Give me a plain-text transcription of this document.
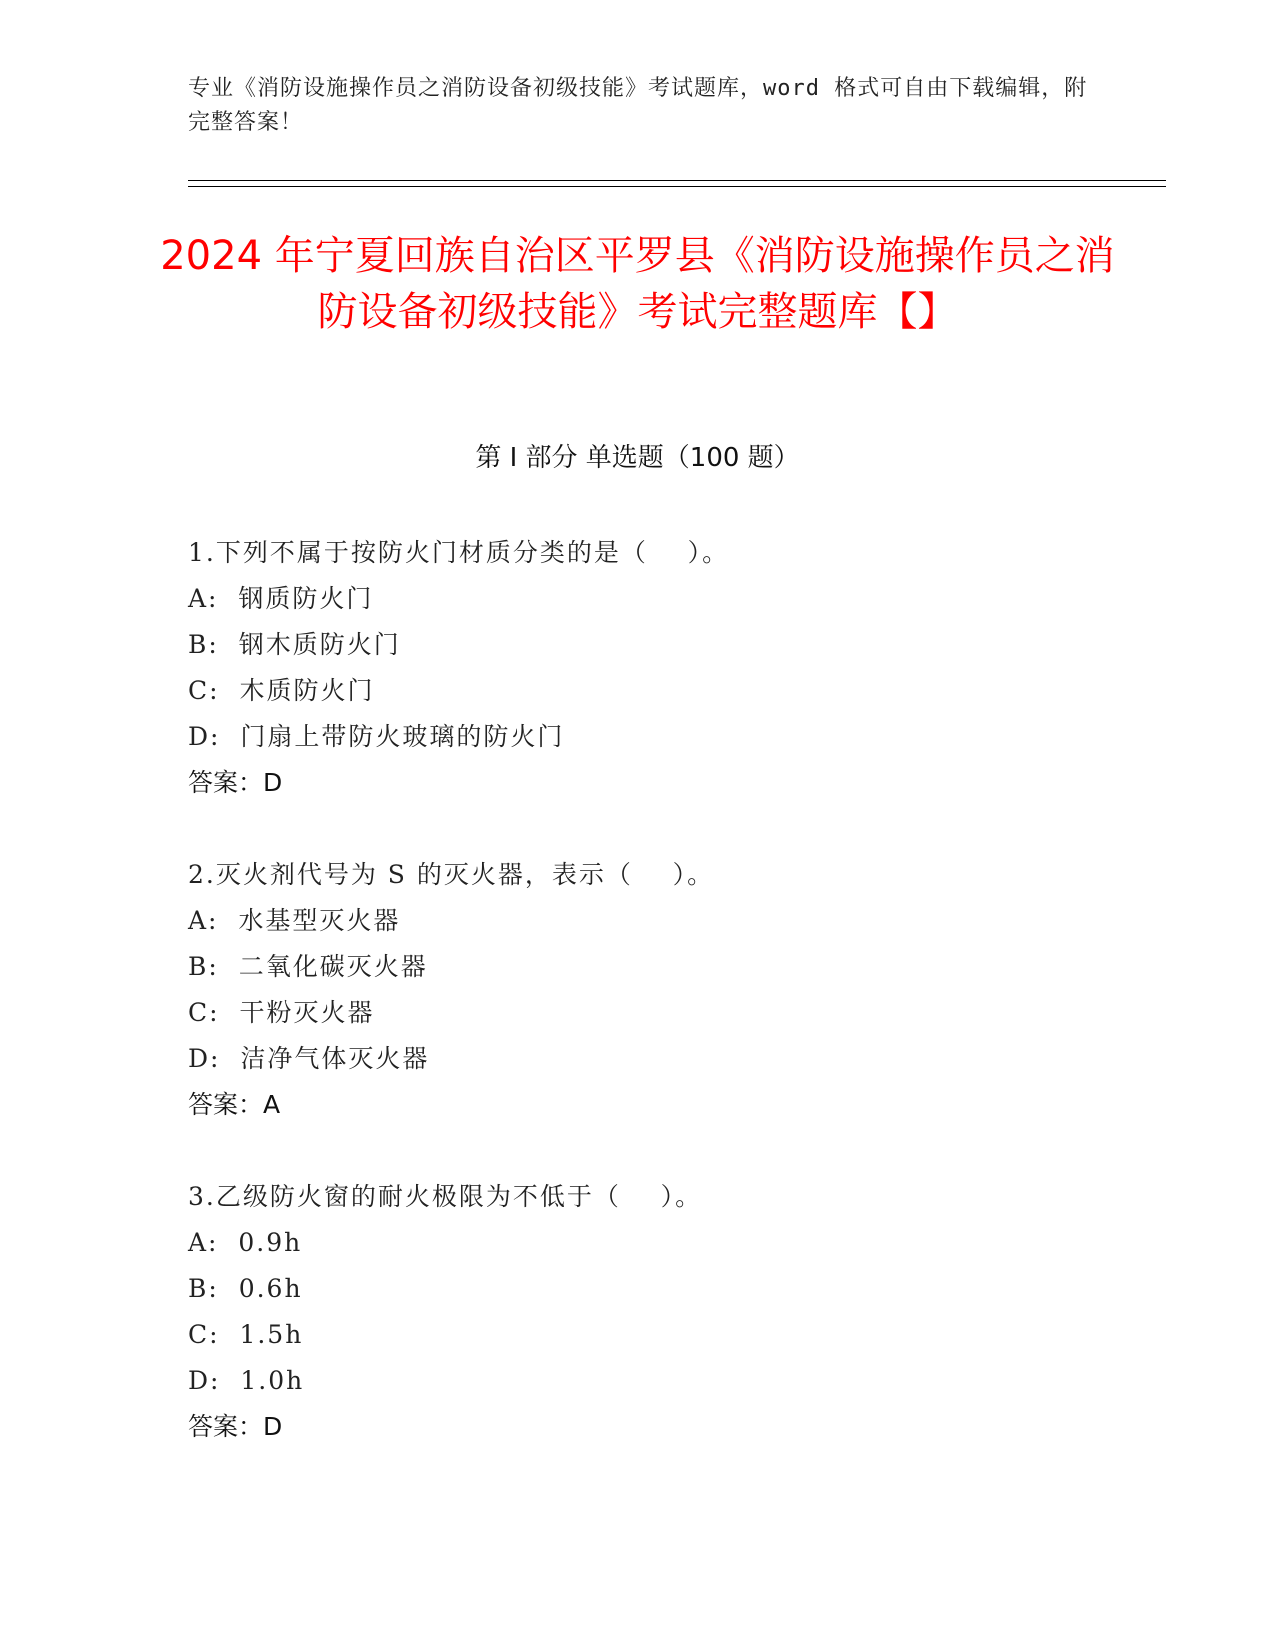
专业《消防设施操作员之消防设备初级技能》考试题库，word 格式可自由下载编辑，附完整答案！
2024 年宁夏回族自治区平罗县《消防设施操作员之消防设备初级技能》考试完整题库【】
第 I 部分 单选题（100 题）
1.下列不属于按防火门材质分类的是（    ）。
A:  钢质防火门
B:  钢木质防火门
C:  木质防火门
D:  门扇上带防火玻璃的防火门
答案：D
2.灭火剂代号为 S 的灭火器，表示（    ）。
A:  水基型灭火器
B:  二氧化碳灭火器
C:  干粉灭火器
D:  洁净气体灭火器
答案：A
3.乙级防火窗的耐火极限为不低于（    ）。
A:  0.9h
B:  0.6h
C:  1.5h
D:  1.0h
答案：D
